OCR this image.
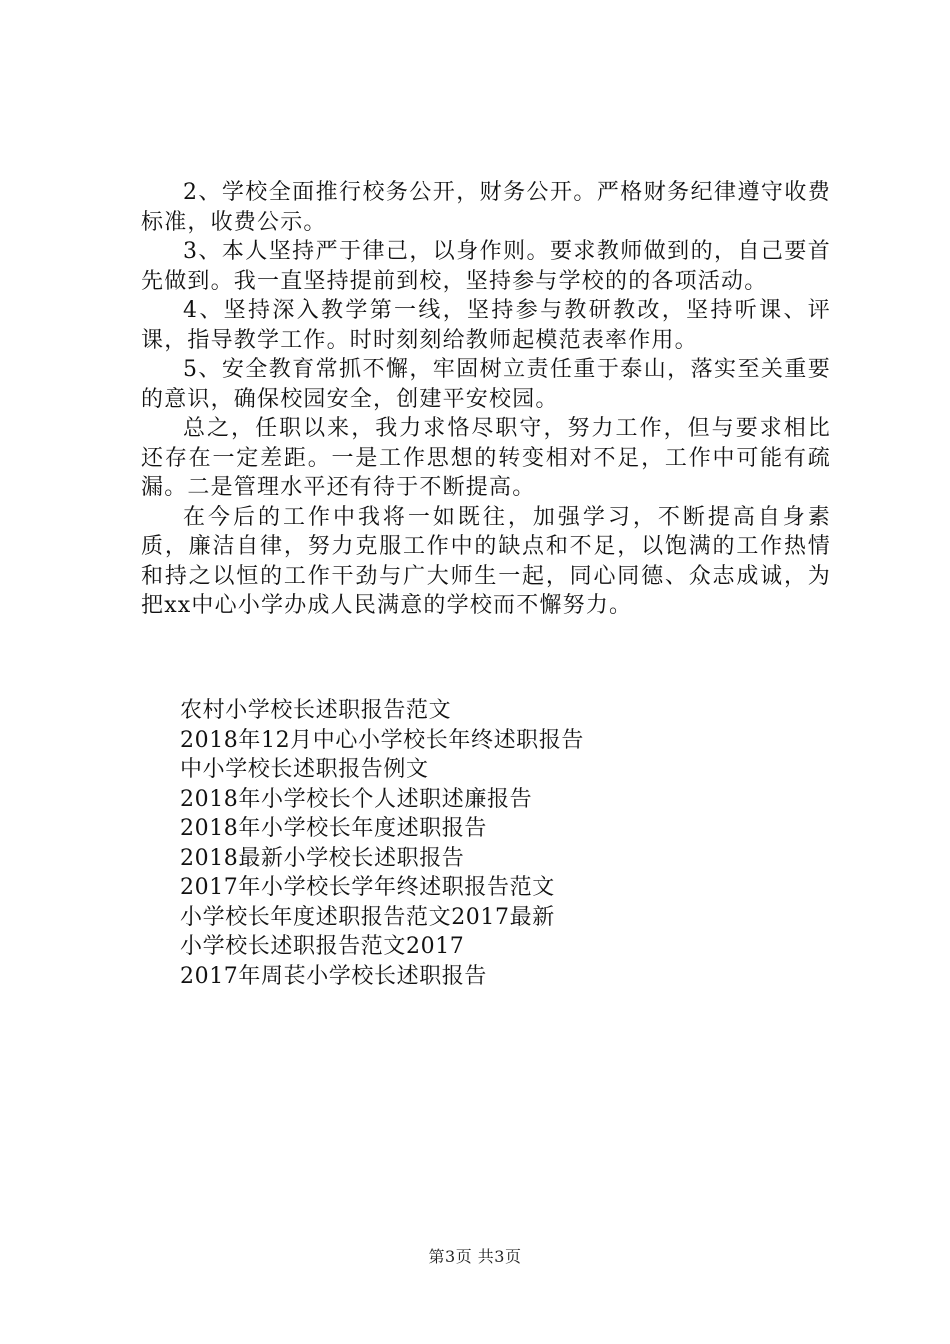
2、学校全面推行校务公开，财务公开。严格财务纪律遵守收费标准，收费公示。

3、本人坚持严于律己，以身作则。要求教师做到的，自己要首先做到。我一直坚持提前到校，坚持参与学校的的各项活动。

4、坚持深入教学第一线，坚持参与教研教改，坚持听课、评课，指导教学工作。时时刻刻给教师起模范表率作用。

5、安全教育常抓不懈，牢固树立责任重于泰山，落实至关重要的意识，确保校园安全，创建平安校园。

总之，任职以来，我力求恪尽职守，努力工作，但与要求相比还存在一定差距。一是工作思想的转变相对不足，工作中可能有疏漏。二是管理水平还有待于不断提高。

在今后的工作中我将一如既往，加强学习，不断提高自身素质，廉洁自律，努力克服工作中的缺点和不足，以饱满的工作热情和持之以恒的工作干劲与广大师生一起，同心同德、众志成诚，为把xx中心小学办成人民满意的学校而不懈努力。

农村小学校长述职报告范文
2018年12月中心小学校长年终述职报告
中小学校长述职报告例文
2018年小学校长个人述职述廉报告
2018年小学校长年度述职报告
2018最新小学校长述职报告
2017年小学校长学年终述职报告范文
小学校长年度述职报告范文2017最新
小学校长述职报告范文2017
2017年周苌小学校长述职报告
第3页 共3页
